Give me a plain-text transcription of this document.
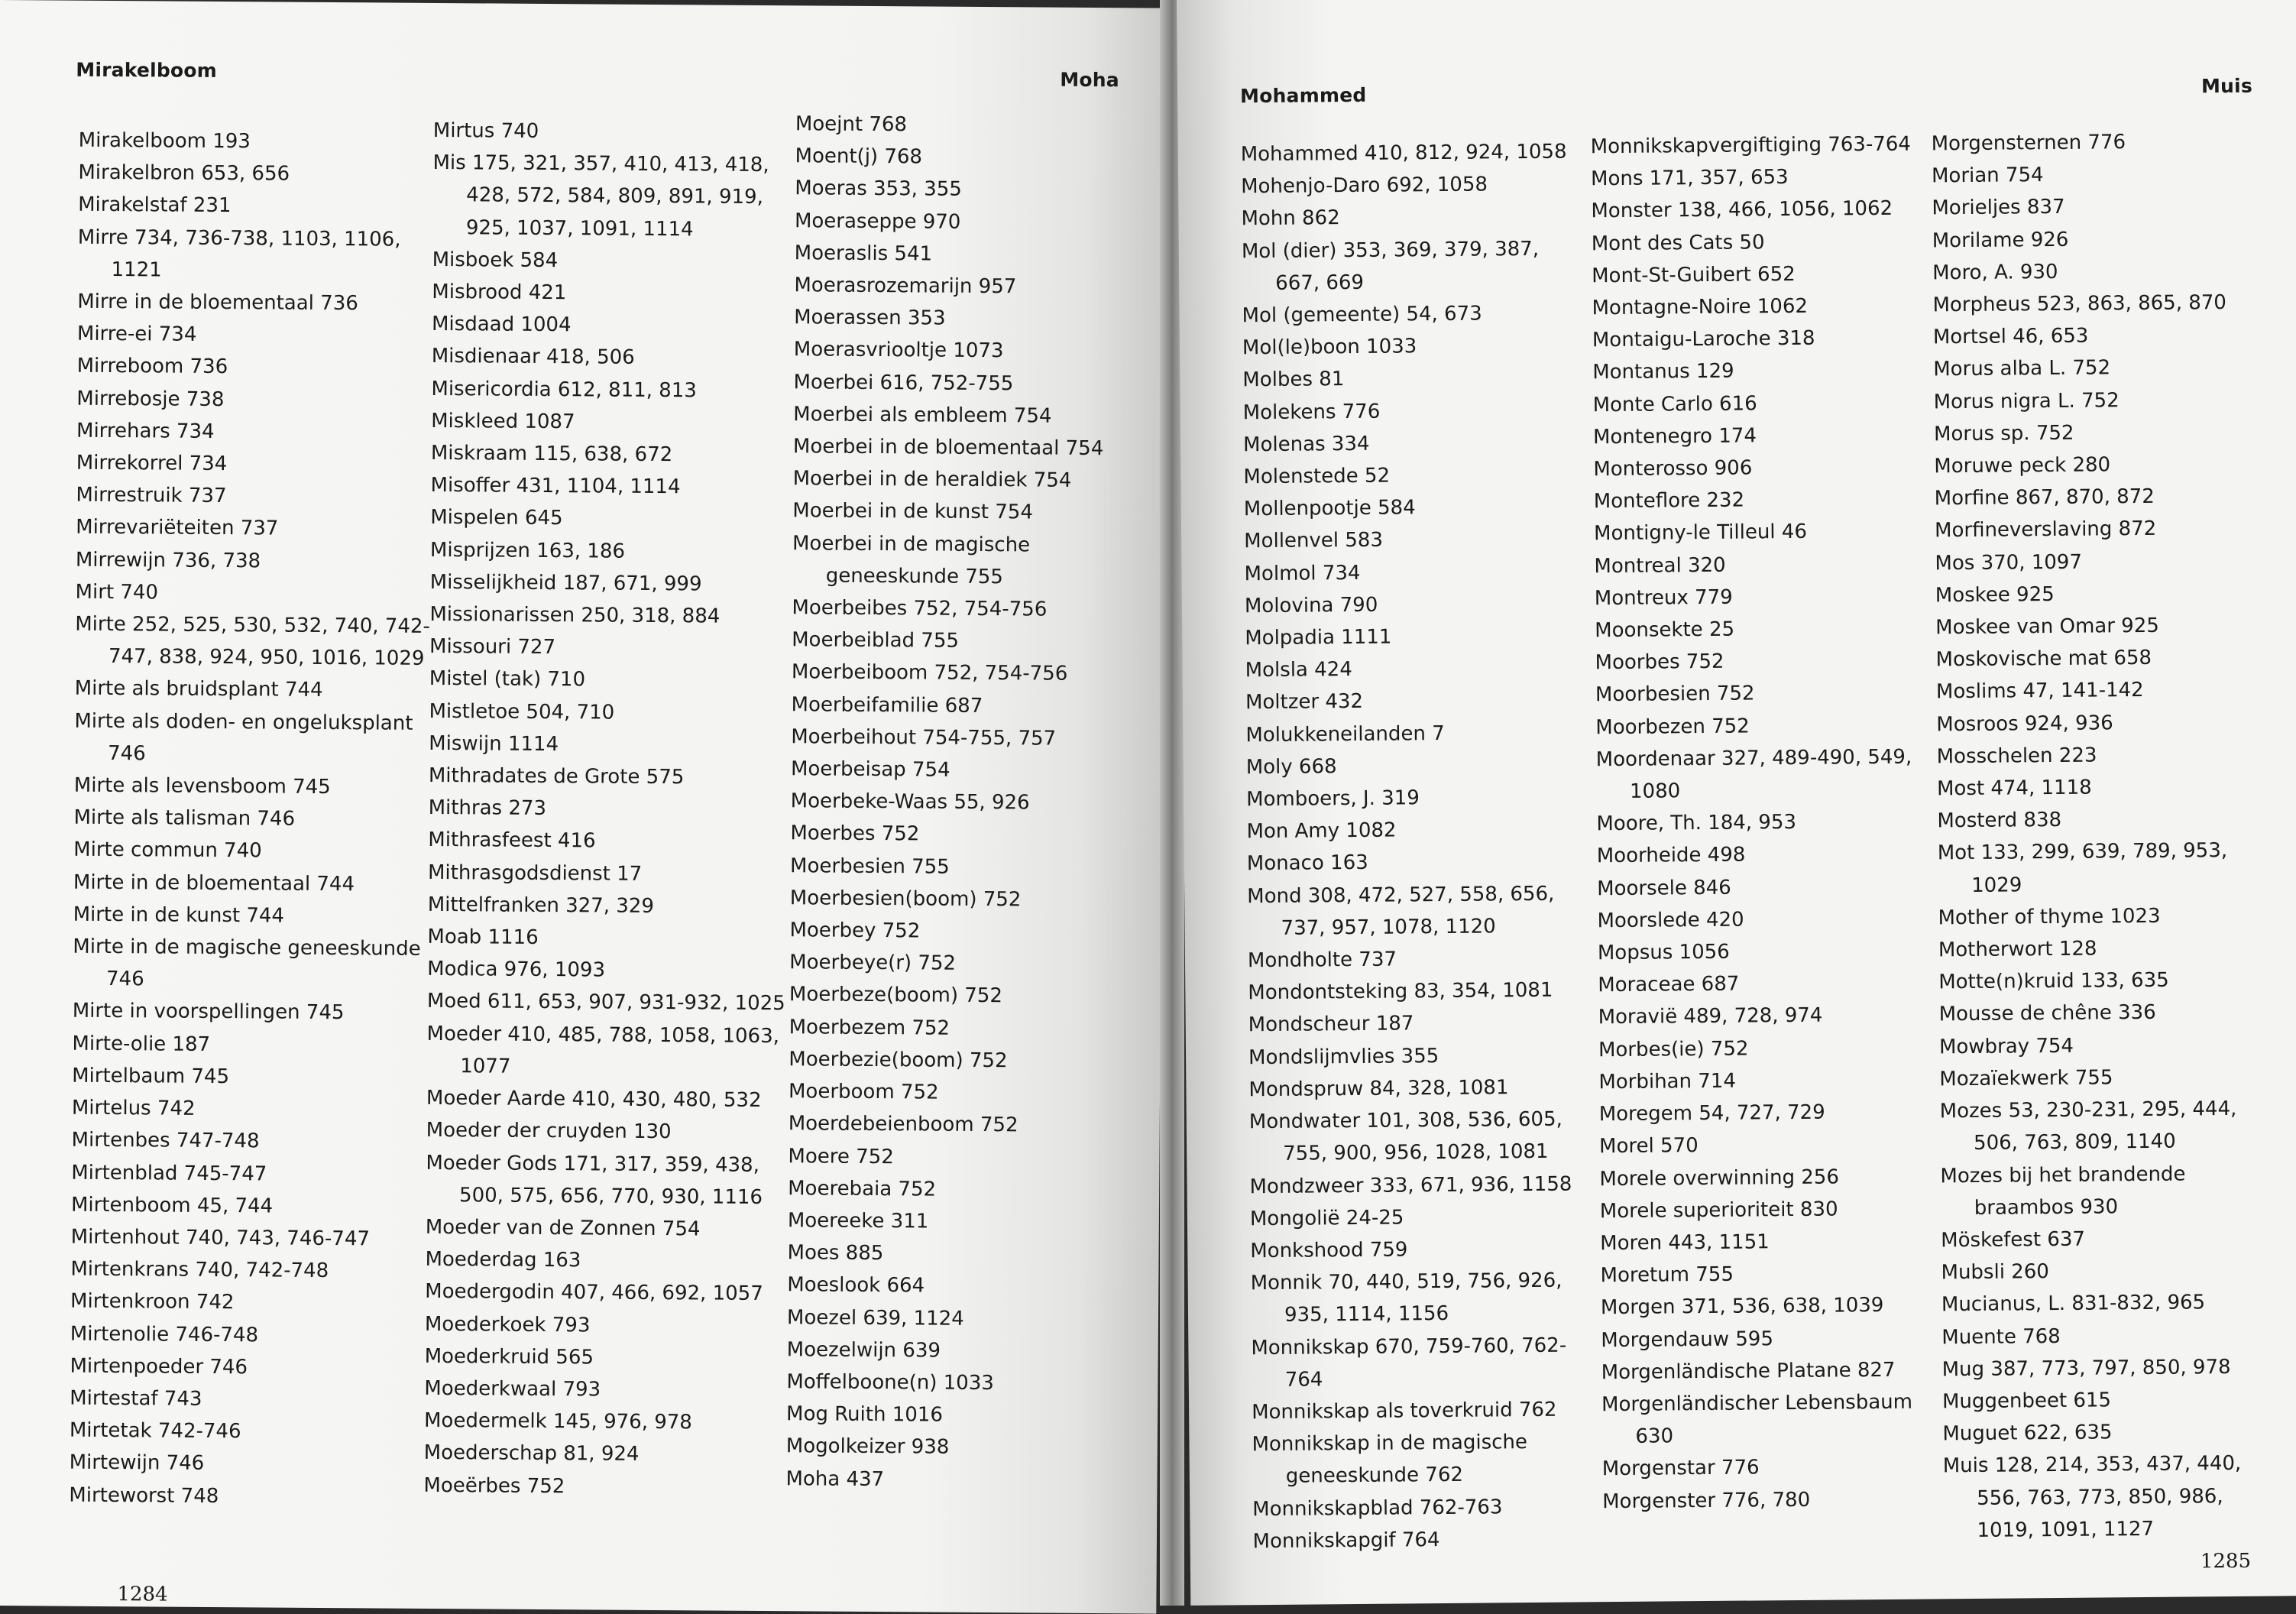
Mirakelboom	Moha

Mirakelboom 193

Mirakelbron 653, 656

Mirakelstaf 231

Mirre 734, 736-738, 1103, 1106, 1121

Mirre in de bloementaal 736

Mirre-ei 734

Mirreboom 736

Mirrebosje 738

Mirrehars 734

Mirrekorrel 734

Mirrestruik 737

Mirrevariëteiten 737

Mirrewijn 736, 738

Mirt 740

Mirte 252, 525, 530, 532, 740, 742-747, 838, 924, 950, 1016, 1029

Mirte als bruidsplant 744

Mirte als doden- en ongeluksplant 746

Mirte als levensboom 745

Mirte als talisman 746

Mirte commun 740

Mirte in de bloementaal 744

Mirte in de kunst 744

Mirte in de magische geneeskunde 746

Mirte in voorspellingen 745

Mirte-olie 187

Mirtelbaum 745

Mirtelus 742

Mirtenbes 747-748

Mirtenblad 745-747

Mirtenboom 45, 744

Mirtenhout 740, 743, 746-747

Mirtenkrans 740, 742-748

Mirtenkroon 742

Mirtenolie 746-748

Mirtenpoeder 746

Mirtestaf 743

Mirtetak 742-746

Mirtewijn 746

Mirteworst 748

Mirtus 740

Mis 175, 321, 357, 410, 413, 418, 428, 572, 584, 809, 891, 919, 925, 1037, 1091, 1114

Misboek 584

Misbrood 421

Misdaad 1004

Misdienaar 418, 506

Misericordia 612, 811, 813

Miskleed 1087

Miskraam 115, 638, 672

Misoffer 431, 1104, 1114

Mispelen 645

Misprijzen 163, 186

Misselijkheid 187, 671, 999

Missionarissen 250, 318, 884

Missouri 727

Mistel (tak) 710

Mistletoe 504, 710

Miswijn 1114

Mithradates de Grote 575

Mithras 273

Mithrasfeest 416

Mithrasgodsdienst 17

Mittelfranken 327, 329

Moab 1116

Modica 976, 1093

Moed 611, 653, 907, 931-932, 1025

Moeder 410, 485, 788, 1058, 1063, 1077

Moeder Aarde 410, 430, 480, 532

Moeder der cruyden 130

Moeder Gods 171, 317, 359, 438, 500, 575, 656, 770, 930, 1116

Moeder van de Zonnen 754

Moederdag 163

Moedergodin 407, 466, 692, 1057

Moederkoek 793

Moederkruid 565

Moederkwaal 793

Moedermelk 145, 976, 978

Moederschap 81, 924

Moeërbes 752

Moejnt 768

Moent(j) 768

Moeras 353, 355

Moeraseppe 970

Moeraslis 541

Moerasrozemarijn 957

Moerassen 353

Moerasvriooltje 1073

Moerbei 616, 752-755

Moerbei als embleem 754

Moerbei in de bloementaal 754

Moerbei in de heraldiek 754

Moerbei in de kunst 754

Moerbei in de magische geneeskunde 755

Moerbeibes 752, 754-756

Moerbeiblad 755

Moerbeiboom 752, 754-756

Moerbeifamilie 687

Moerbeihout 754-755, 757

Moerbeisap 754

Moerbeke-Waas 55, 926

Moerbes 752

Moerbesien 755

Moerbesien(boom) 752

Moerbey 752

Moerbeye(r) 752

Moerbeze(boom) 752

Moerbezem 752

Moerbezie(boom) 752

Moerboom 752

Moerdebeienboom 752

Moere 752

Moerebaia 752

Moereeke 311

Moes 885

Moeslook 664

Moezel 639, 1124

Moezelwijn 639

Moffelboone(n) 1033

Mog Ruith 1016

Mogolkeizer 938

Moha 437

1284
Mohammed	Muis

Mohammed 410, 812, 924, 1058

Mohenjo-Daro 692, 1058

Mohn 862

Mol (dier) 353, 369, 379, 387, 667, 669

Mol (gemeente) 54, 673

Mol(le)boon 1033

Molbes 81

Molekens 776

Molenas 334

Molenstede 52

Mollenpootje 584

Mollenvel 583

Molmol 734

Molovina 790

Molpadia 1111

Molsla 424

Moltzer 432

Molukkeneilanden 7

Moly 668

Momboers, J. 319

Mon Amy 1082

Monaco 163

Mond 308, 472, 527, 558, 656, 737, 957, 1078, 1120

Mondholte 737

Mondontsteking 83, 354, 1081

Mondscheur 187

Mondslijmvlies 355

Mondspruw 84, 328, 1081

Mondwater 101, 308, 536, 605, 755, 900, 956, 1028, 1081

Mondzweer 333, 671, 936, 1158

Mongolië 24-25

Monkshood 759

Monnik 70, 440, 519, 756, 926, 935, 1114, 1156

Monnikskap 670, 759-760, 762-764

Monnikskap als toverkruid 762

Monnikskap in de magische geneeskunde 762

Monnikskapblad 762-763

Monnikskapgif 764

Monnikskapvergiftiging 763-764

Mons 171, 357, 653

Monster 138, 466, 1056, 1062

Mont des Cats 50

Mont-St-Guibert 652

Montagne-Noire 1062

Montaigu-Laroche 318

Montanus 129

Monte Carlo 616

Montenegro 174

Monterosso 906

Monteflore 232

Montigny-le Tilleul 46

Montreal 320

Montreux 779

Moonsekte 25

Moorbes 752

Moorbesien 752

Moorbezen 752

Moordenaar 327, 489-490, 549, 1080

Moore, Th. 184, 953

Moorheide 498

Moorsele 846

Moorslede 420

Mopsus 1056

Moraceae 687

Moravië 489, 728, 974

Morbes(ie) 752

Morbihan 714

Moregem 54, 727, 729

Morel 570

Morele overwinning 256

Morele superioriteit 830

Moren 443, 1151

Moretum 755

Morgen 371, 536, 638, 1039

Morgendauw 595

Morgenländische Platane 827

Morgenländischer Lebensbaum 630

Morgenstar 776

Morgenster 776, 780

Morgensternen 776

Morian 754

Morieljes 837

Morilame 926

Moro, A. 930

Morpheus 523, 863, 865, 870

Mortsel 46, 653

Morus alba L. 752

Morus nigra L. 752

Morus sp. 752

Moruwe peck 280

Morfine 867, 870, 872

Morfineverslaving 872

Mos 370, 1097

Moskee 925

Moskee van Omar 925

Moskovische mat 658

Moslims 47, 141-142

Mosroos 924, 936

Mosschelen 223

Most 474, 1118

Mosterd 838

Mot 133, 299, 639, 789, 953, 1029

Mother of thyme 1023

Motherwort 128

Motte(n)kruid 133, 635

Mousse de chêne 336

Mowbray 754

Mozaïekwerk 755

Mozes 53, 230-231, 295, 444, 506, 763, 809, 1140

Mozes bij het brandende braambos 930

Möskefest 637

Mubsli 260

Mucianus, L. 831-832, 965

Muente 768

Mug 387, 773, 797, 850, 978

Muggenbeet 615

Muguet 622, 635

Muis 128, 214, 353, 437, 440, 556, 763, 773, 850, 986, 1019, 1091, 1127

1285
